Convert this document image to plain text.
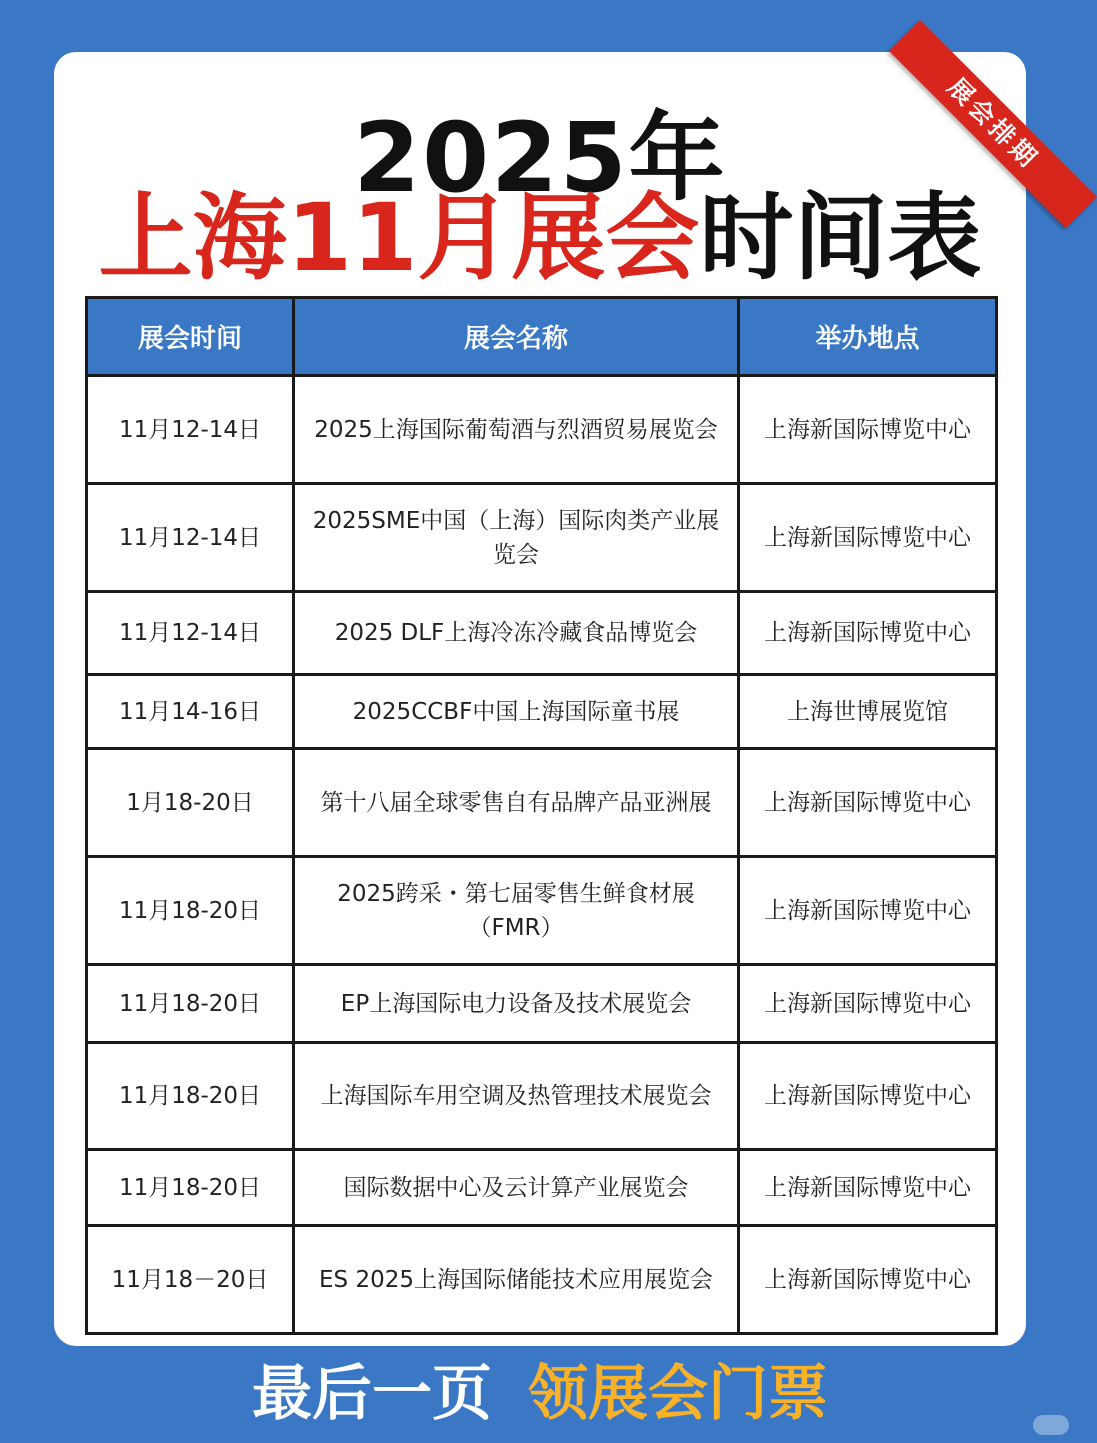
2025年
上海11月展会时间表
展会排期
展会时间	展会名称	举办地点
11月12-14日	2025上海国际葡萄酒与烈酒贸易展览会	上海新国际博览中心
11月12-14日	2025SME中国（上海）国际肉类产业展览会	上海新国际博览中心
11月12-14日	2025 DLF上海冷冻冷藏食品博览会	上海新国际博览中心
11月14-16日	2025CCBF中国上海国际童书展	上海世博展览馆
1月18-20日	第十八届全球零售自有品牌产品亚洲展	上海新国际博览中心
11月18-20日	2025跨采・第七届零售生鲜食材展（FMR）	上海新国际博览中心
11月18-20日	EP上海国际电力设备及技术展览会	上海新国际博览中心
11月18-20日	上海国际车用空调及热管理技术展览会	上海新国际博览中心
11月18-20日	国际数据中心及云计算产业展览会	上海新国际博览中心
11月18－20日	ES 2025上海国际储能技术应用展览会	上海新国际博览中心
最后一页 领展会门票
